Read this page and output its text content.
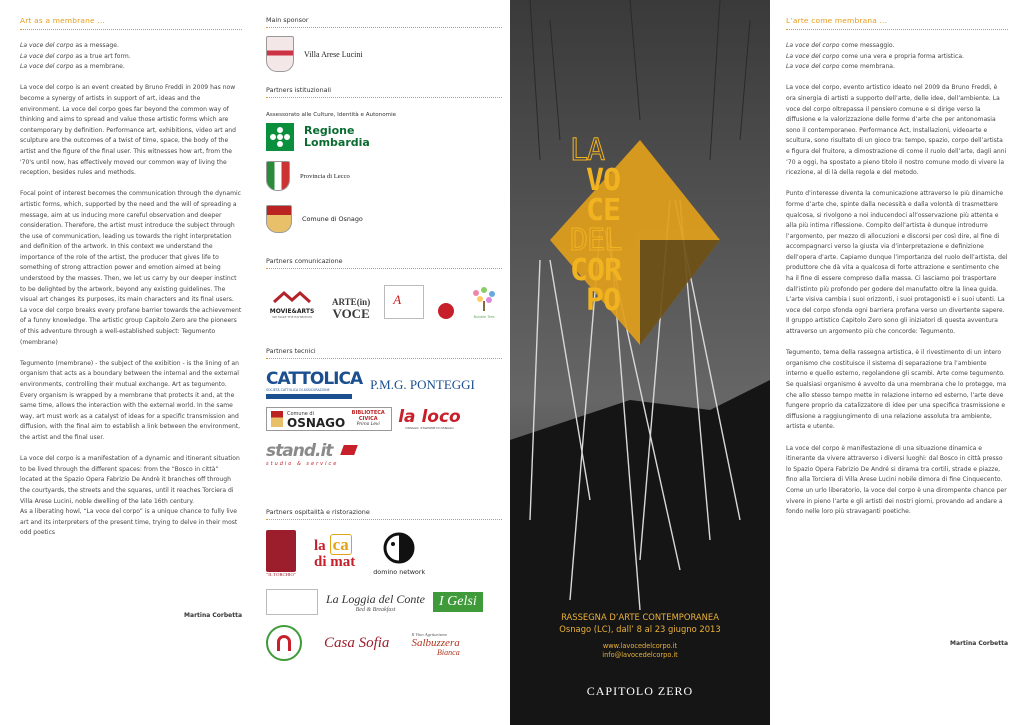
Art as a membrane ...

La voce del corpo as a message.
La voce del corpo as a true art form.
La voce del corpo as a membrane.

La voce del corpo is an event created by Bruno Freddi in 2009 has now become a synergy of artists in support of art, ideas and the environment. La voce del corpo goes far beyond the common way of thinking and aims to spread and value those artistic forms which are contemporary by definition. Performance art, exhibitions, video art and sculpture are the outcomes of a twist of time, space, the body of the artist and the figure of the final user. This witnesses how art, from the '70's until now, has effectively moved our common way of living the reception, besides rules and methods.

Focal point of interest becomes the communication through the dynamic artistic forms, which, supported by the need and the will of spreading a message, aim at us inducing more careful observation and deeper consideration. Therefore, the artist must introduce the subject through the use of communication, leading us towards the right interpretation and definition of the artwork. In this context we understand the importance of the role of the artist, the producer that gives life to something of strong attraction power and emotion aimed at being understood by the masses. Then, we let us carry by our deeper instinct to be delighted by the artwork, beyond any existing guidelines. The visual art changes its purposes, its main characters and its final users. La voce del corpo breaks every profane barrier towards the achievement of a funny knowledge. The artistic group Capitolo Zero are the pioneers of this adventure through a well-established subject: Tegumento (membrane)

Tegumento (membrane) - the subject of the exibition - is the lining of an organism that acts as a boundary between the internal and the external environments, controlling their mutual exchange. Art as tegumento. Every organism is wrapped by a membrane that protects it and, at the same time, allows the interaction with the external world. In the same way, art must work as a catalyst of ideas for a specific transmission and diffusion, with the final aim to establish a link between the environment, the artist and the final user.

La voce del corpo is a manifestation of a dynamic and itinerant situation to be lived through the different spaces: from the “Bosco in città” located at the Spazio Opera Fabrizio De Andrè it branches off through the courtyards, the streets and the squares, until it reaches Torciera di Villa Arese Lucini, noble dwelling of the late 16th century.

As a liberating howl, “La voce del corpo” is a unique chance to fully live art and its interpreters of the present time, trying to delve in their most odd poetics

Martina Corbetta
Main sponsor
Villa Arese Lucini
Partners istituzionali
Assessorato alle Culture, Identità e Autonomie
Regione
Lombardia
Provincia di Lecco
Comune di Osnago
Partners comunicazione
MOVIE&ARTS
WE MAKE THE EXHIBITION
ARTE(in)
VOCE
A
Bubble Tree
Partners tecnici
CATTOLICA
SOCIETÀ CATTOLICA DI ASSICURAZIONE	P.M.G. PONTEGGI
Comune di
OSNAGO
BIBLIOTECA CIVICA
Primo Levi	la loco
OSNAGO, STAZIONE DI OSNAGO
stand.it
studio & service
Partners ospitalità e ristorazione
"IL TORCHIO"
la ca
di mat
domino network
La Loggia del Conte
Bed & Breakfast
I Gelsi
Casa Sofia
Il Vino Agriturismo
Salbuzzera
Bianca
LA
VO
CE
DEL
COR
PO
RASSEGNA D’ARTE CONTEMPORANEA
Osnago (LC), dall’ 8 al 23 giugno 2013
www.lavocedelcorpo.it
info@lavocedelcorpo.it
CAPITOLO ZERO
L’arte come membrana ...

La voce del corpo come messaggio.
La voce del corpo come una vera e propria forma artistica.
La voce del corpo come membrana.

La voce del corpo, evento artistico ideato nel 2009 da Bruno Freddi, è ora sinergia di artisti a supporto dell’arte, delle idee, dell’ambiente. La voce del corpo oltrepassa il pensiero comune e si dirige verso la diffusione e la valorizzazione delle forme d’arte che per antonomasia sono il contemporaneo. Performance Act, Installazioni, videoarte e scultura, sono risultato di un gioco tra: tempo, spazio, corpo dell’artista e figura del fruitore, a dimostrazione di come il ruolo dell’arte, dagli anni ’70 a oggi, ha spostato a pieno titolo il nostro comune modo di vivere la ricezione, al di là della regola e del metodo.

Punto d’interesse diventa la comunicazione attraverso le più dinamiche forme d’arte che, spinte dalla necessità e dalla volontà di trasmettere qualcosa, si rivolgono a noi inducendoci all’osservazione più attenta e alla più intima riflessione. Compito dell’artista è dunque introdurre l’argomento, per mezzo di allocuzioni e discorsi per così dire, al fine di accompagnarci verso la giusta via d’interpretazione e definizione dell’opera d’arte. Capiamo dunque l’importanza del ruolo dell’artista, del produttore che dà vita a qualcosa di forte attrazione e sentimento che ha il fine di essere compreso dalla massa. Ci lasciamo poi trasportare dall’istinto più profondo per godere del manufatto oltre la linea guida. L’arte visiva cambia i suoi orizzonti, i suoi protagonisti e i suoi utenti. La voce del corpo sfonda ogni barriera profana verso un divertente sapere. Il gruppo artistico Capitolo Zero sono gli iniziatori di questa avventura attraverso un argomento più che concorde: Tegumento.

Tegumento, tema della rassegna artistica, è il rivestimento di un intero organismo che costituisce il sistema di separazione tra l’ambiente interno e quello esterno, regolandone gli scambi. Arte come tegumento. Se qualsiasi organismo è avvolto da una membrana che lo protegge, ma che allo stesso tempo mette in relazione interno ed esterno, l’arte deve fungere proprio da catalizzatore di idee per una specifica trasmissione e diffusione a raggiungimento di una relazione assoluta tra ambiente, artista e utente.

La voce del corpo è manifestazione di una situazione dinamica e itinerante da vivere attraverso i diversi luoghi: dal Bosco in città presso lo Spazio Opera Fabrizio De André si dirama tra cortili, strade e piazze, fino alla Torciera di Villa Arese Lucini nobile dimora di fine Cinquecento.

Come un urlo liberatorio, la voce del corpo è una dirompente chance per vivere in pieno l’arte e gli artisti dei nostri giorni, provando ad andare a fondo nelle loro più stravaganti poetiche.

Martina Corbetta
